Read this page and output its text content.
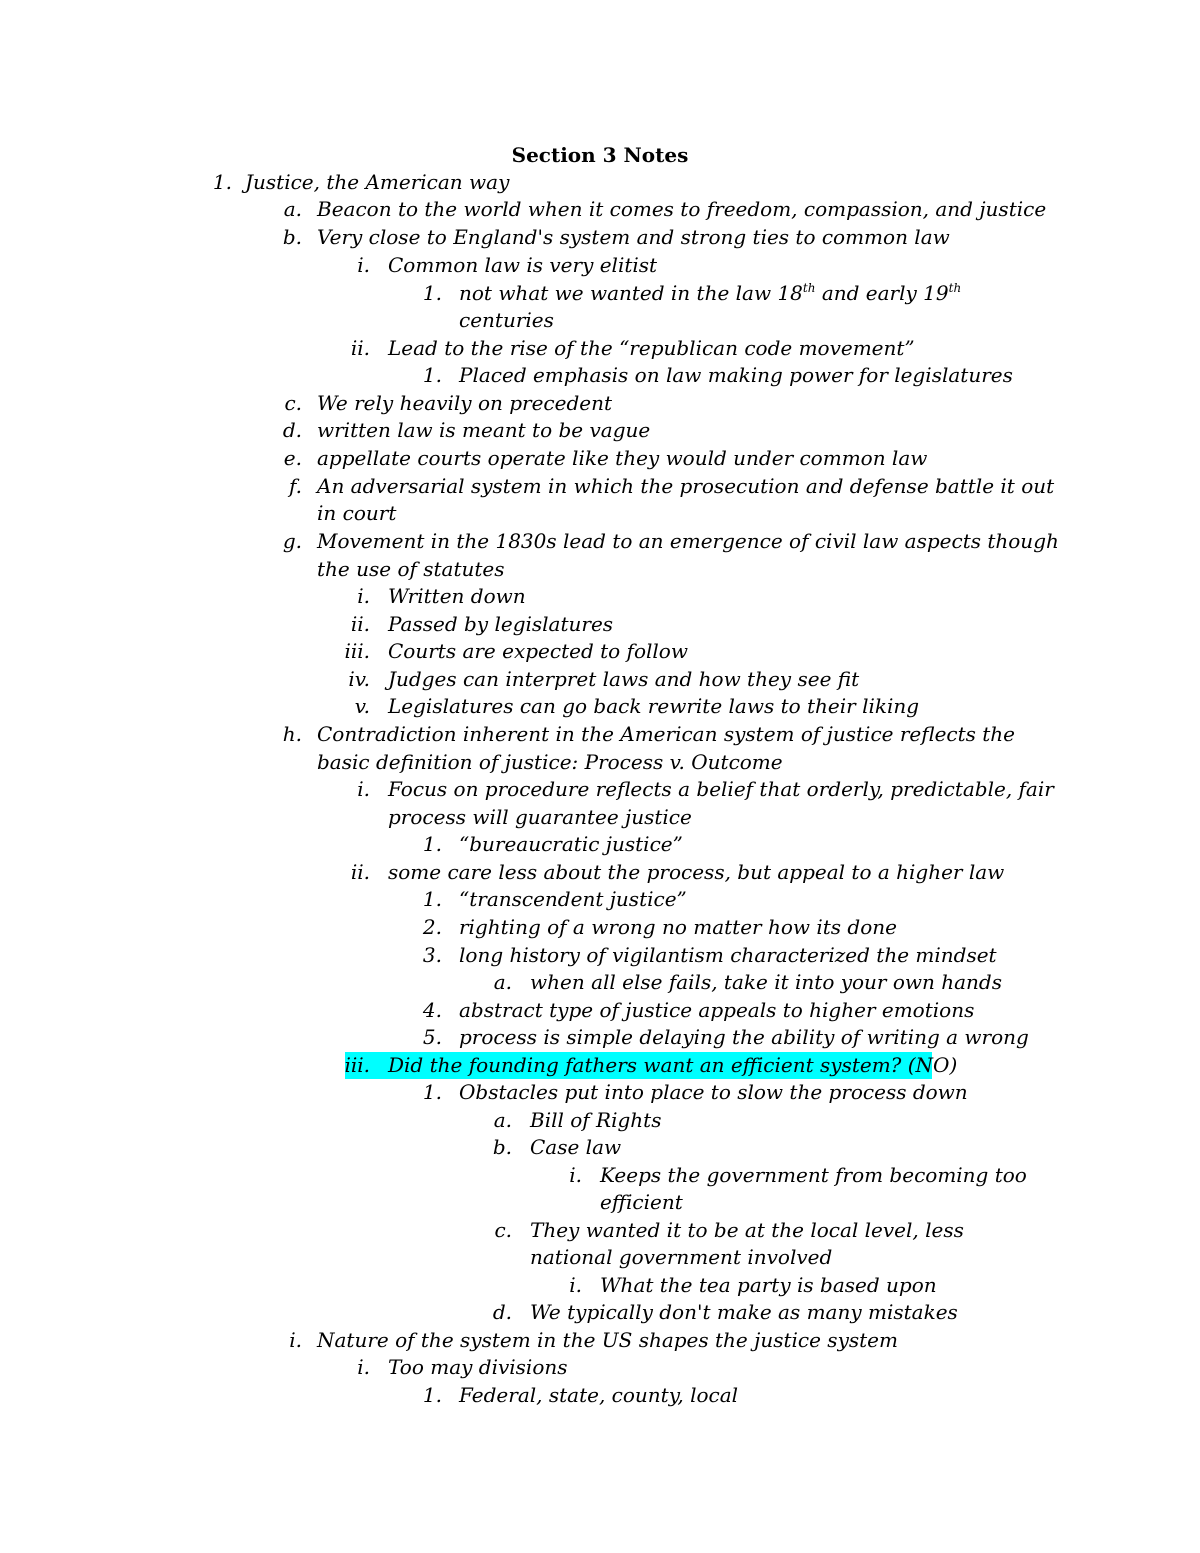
Section 3 Notes
1. Justice, the American way
a. Beacon to the world when it comes to freedom, compassion, and justice
b. Very close to England's system and strong ties to common law
i. Common law is very elitist
1. not what we wanted in the law 18th and early 19th
centuries
ii. Lead to the rise of the “republican code movement”
1. Placed emphasis on law making power for legislatures
c. We rely heavily on precedent
d. written law is meant to be vague
e. appellate courts operate like they would under common law
f. An adversarial system in which the prosecution and defense battle it out
in court
g. Movement in the 1830s lead to an emergence of civil law aspects though
the use of statutes
i. Written down
ii. Passed by legislatures
iii. Courts are expected to follow
iv. Judges can interpret laws and how they see fit
v. Legislatures can go back rewrite laws to their liking
h. Contradiction inherent in the American system of justice reflects the
basic definition of justice: Process v. Outcome
i. Focus on procedure reflects a belief that orderly, predictable, fair
process will guarantee justice
1. “bureaucratic justice”
ii. some care less about the process, but appeal to a higher law
1. “transcendent justice”
2. righting of a wrong no matter how its done
3. long history of vigilantism characterized the mindset
a. when all else fails, take it into your own hands
4. abstract type of justice appeals to higher emotions
5. process is simple delaying the ability of writing a wrong
iii. Did the founding fathers want an efficient system? (NO)
1. Obstacles put into place to slow the process down
a. Bill of Rights
b. Case law
i. Keeps the government from becoming too
efficient
c. They wanted it to be at the local level, less
national government involved
i. What the tea party is based upon
d. We typically don't make as many mistakes
i. Nature of the system in the US shapes the justice system
i. Too may divisions
1. Federal, state, county, local
